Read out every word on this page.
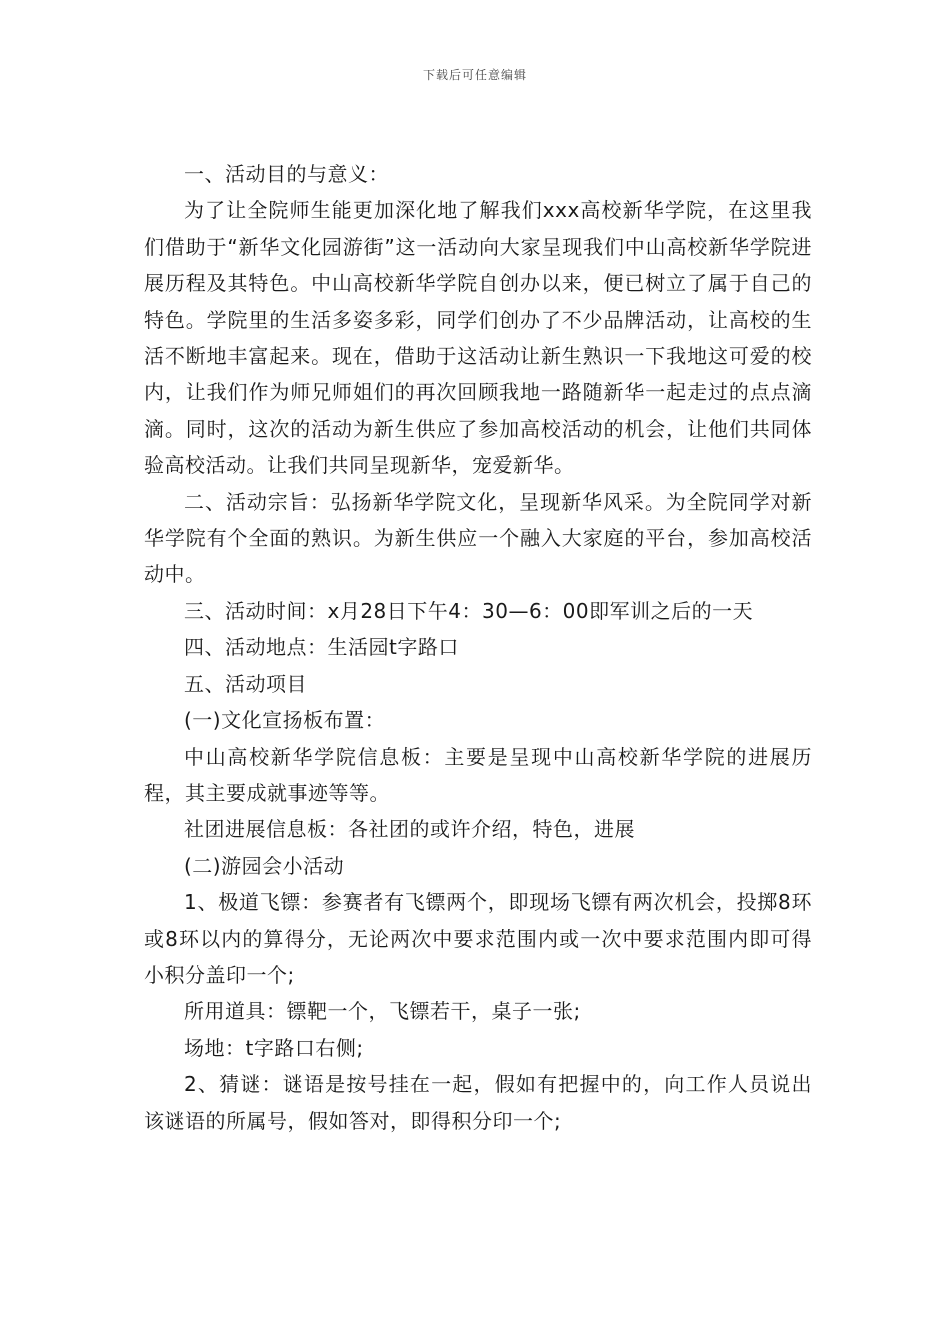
下载后可任意编辑

一、活动目的与意义：

为了让全院师生能更加深化地了解我们xxx高校新华学院，在这里我们借助于“新华文化园游街”这一活动向大家呈现我们中山高校新华学院进展历程及其特色。中山高校新华学院自创办以来，便已树立了属于自己的特色。学院里的生活多姿多彩，同学们创办了不少品牌活动，让高校的生活不断地丰富起来。现在，借助于这活动让新生熟识一下我地这可爱的校内，让我们作为师兄师姐们的再次回顾我地一路随新华一起走过的点点滴滴。同时，这次的活动为新生供应了参加高校活动的机会，让他们共同体验高校活动。让我们共同呈现新华，宠爱新华。

二、活动宗旨：弘扬新华学院文化，呈现新华风采。为全院同学对新华学院有个全面的熟识。为新生供应一个融入大家庭的平台，参加高校活动中。

三、活动时间：x月28日下午4：30—6：00即军训之后的一天

四、活动地点：生活园t字路口

五、活动项目

(一)文化宣扬板布置：

中山高校新华学院信息板：主要是呈现中山高校新华学院的进展历程，其主要成就事迹等等。

社团进展信息板：各社团的或许介绍，特色，进展

(二)游园会小活动

1、极道飞镖：参赛者有飞镖两个，即现场飞镖有两次机会，投掷8环或8环以内的算得分，无论两次中要求范围内或一次中要求范围内即可得小积分盖印一个;

所用道具：镖靶一个，飞镖若干，桌子一张;

场地：t字路口右侧;

2、猜谜：谜语是按号挂在一起，假如有把握中的，向工作人员说出该谜语的所属号，假如答对，即得积分印一个;
